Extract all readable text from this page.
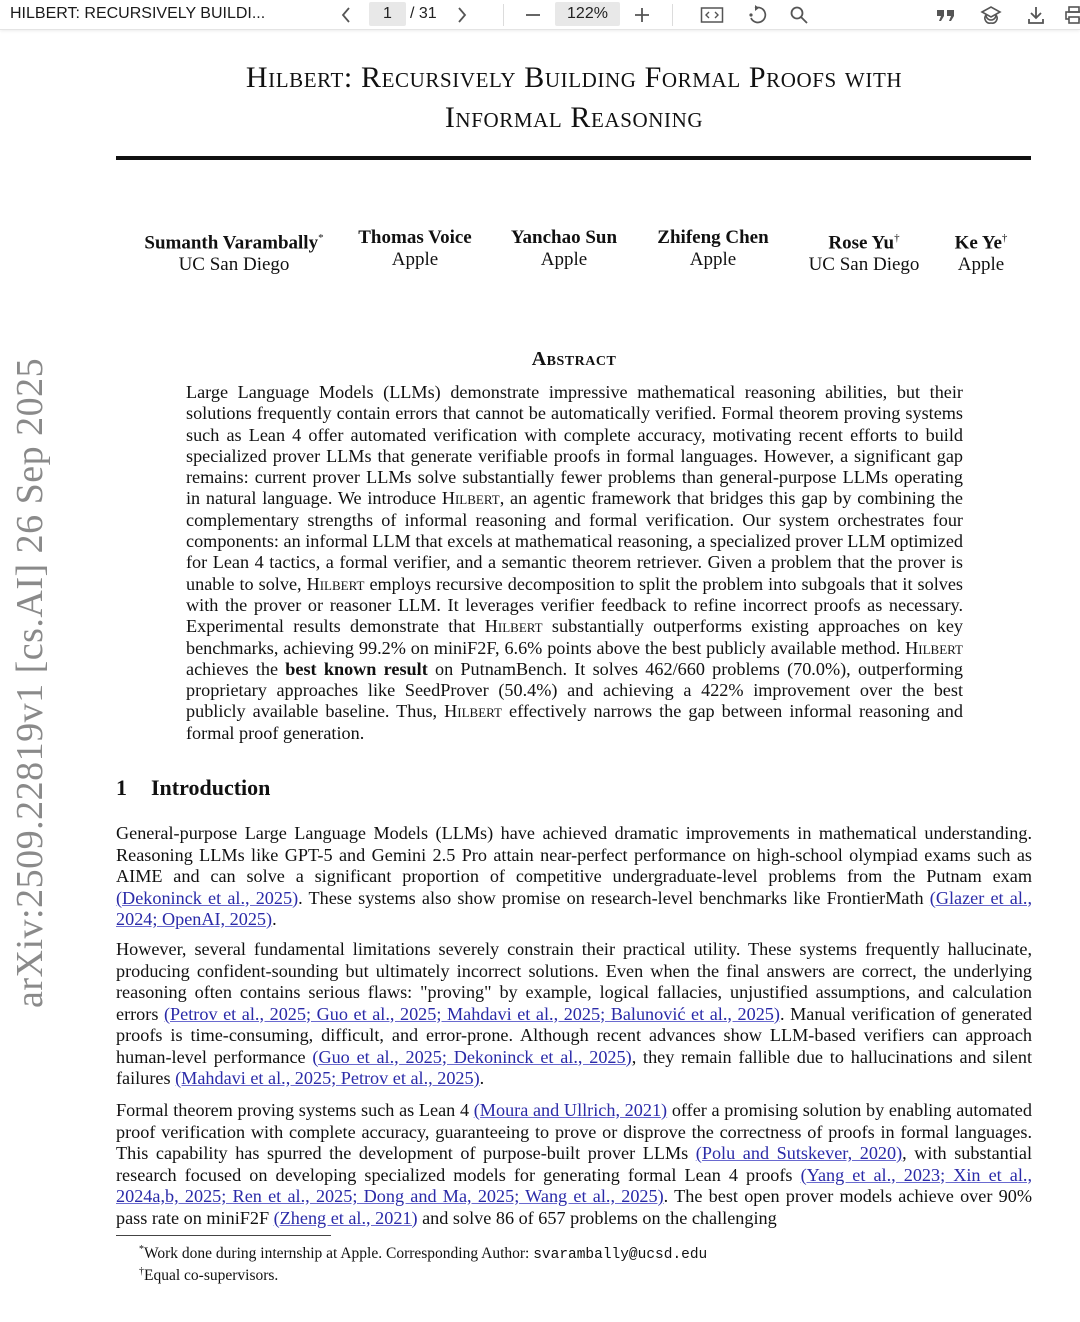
HILBERT: RECURSIVELY BUILDI...	1	/ 31	122%
arXiv:2509.22819v1 [cs.AI] 26 Sep 2025
Hilbert: Recursively Building Formal Proofs with
Informal Reasoning
Sumanth Varambally*
UC San Diego
Thomas Voice
Apple
Yanchao Sun
Apple
Zhifeng Chen
Apple
Rose Yu†
UC San Diego
Ke Ye†
Apple
Abstract

Large Language Models (LLMs) demonstrate impressive mathematical reasoning abilities, but their solutions frequently contain errors that cannot be automatically verified. Formal theorem proving systems such as Lean 4 offer automated verification with complete accuracy, motivating recent efforts to build specialized prover LLMs that generate verifiable proofs in formal languages. However, a significant gap remains: current prover LLMs solve substantially fewer problems than general-purpose LLMs operating in natural language. We introduce Hilbert, an agentic framework that bridges this gap by combining the complementary strengths of informal reasoning and formal verification. Our system orchestrates four components: an informal LLM that excels at mathematical reasoning, a specialized prover LLM optimized for Lean 4 tactics, a formal verifier, and a semantic theorem retriever. Given a problem that the prover is unable to solve, Hilbert employs recursive decomposition to split the problem into subgoals that it solves with the prover or reasoner LLM. It leverages verifier feedback to refine incorrect proofs as necessary. Experimental results demonstrate that Hilbert substantially outperforms existing approaches on key benchmarks, achieving 99.2% on miniF2F, 6.6% points above the best publicly available method. Hilbert achieves the best known result on PutnamBench. It solves 462/660 problems (70.0%), outperforming proprietary approaches like SeedProver (50.4%) and achieving a 422% improvement over the best publicly available baseline. Thus, Hilbert effectively narrows the gap between informal reasoning and formal proof generation.

1 Introduction
General-purpose Large Language Models (LLMs) have achieved dramatic improvements in mathematical understanding. Reasoning LLMs like GPT-5 and Gemini 2.5 Pro attain near-perfect performance on high-school olympiad exams such as AIME and can solve a significant proportion of competitive undergraduate-level problems from the Putnam exam (Dekoninck et al., 2025). These systems also show promise on research-level benchmarks like FrontierMath (Glazer et al., 2024; OpenAI, 2025).
However, several fundamental limitations severely constrain their practical utility. These systems frequently hallucinate, producing confident-sounding but ultimately incorrect solutions. Even when the final answers are correct, the underlying reasoning often contains serious flaws: "proving" by example, logical fallacies, unjustified assumptions, and calculation errors (Petrov et al., 2025; Guo et al., 2025; Mahdavi et al., 2025; Balunović et al., 2025). Manual verification of generated proofs is time-consuming, difficult, and error-prone. Although recent advances show LLM-based verifiers can approach human-level performance (Guo et al., 2025; Dekoninck et al., 2025), they remain fallible due to hallucinations and silent failures (Mahdavi et al., 2025; Petrov et al., 2025).
Formal theorem proving systems such as Lean 4 (Moura and Ullrich, 2021) offer a promising solution by enabling automated proof verification with complete accuracy, guaranteeing to prove or disprove the correctness of proofs in formal languages. This capability has spurred the development of purpose-built prover LLMs (Polu and Sutskever, 2020), with substantial research focused on developing specialized models for generating formal Lean 4 proofs (Yang et al., 2023; Xin et al., 2024a,b, 2025; Ren et al., 2025; Dong and Ma, 2025; Wang et al., 2025). The best open prover models achieve over 90% pass rate on miniF2F (Zheng et al., 2021) and solve 86 of 657 problems on the challenging
*Work done during internship at Apple. Corresponding Author: svarambally@ucsd.edu
†Equal co-supervisors.
